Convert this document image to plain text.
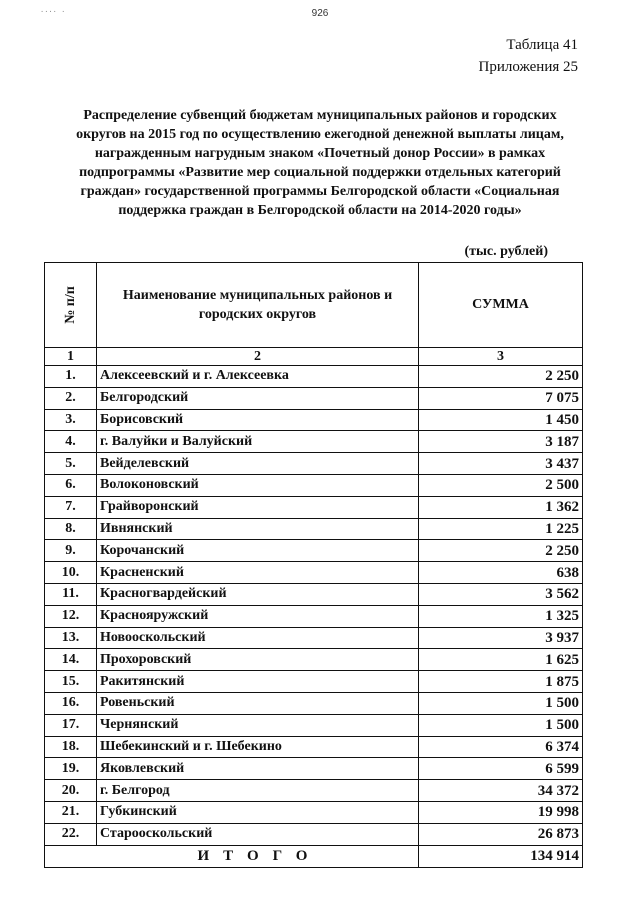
···· ·	926
Таблица 41
Приложения 25
Распределение субвенций бюджетам муниципальных районов и городских округов на 2015 год по осуществлению ежегодной денежной выплаты лицам, награжденным нагрудным знаком «Почетный донор России» в рамках подпрограммы «Развитие мер социальной поддержки отдельных категорий граждан» государственной программы Белгородской области «Социальная поддержка граждан в Белгородской области на 2014-2020 годы»
(тыс. рублей)
№ п/п	Наименование муниципальных районов и городских округов	СУММА
1	2	3
1.	Алексеевский и г. Алексеевка	2 250
2.	Белгородский	7 075
3.	Борисовский	1 450
4.	г. Валуйки и Валуйский	3 187
5.	Вейделевский	3 437
6.	Волоконовский	2 500
7.	Грайворонский	1 362
8.	Ивнянский	1 225
9.	Корочанский	2 250
10.	Красненский	638
11.	Красногвардейский	3 562
12.	Краснояружский	1 325
13.	Новооскольский	3 937
14.	Прохоровский	1 625
15.	Ракитянский	1 875
16.	Ровеньский	1 500
17.	Чернянский	1 500
18.	Шебекинский и г. Шебекино	6 374
19.	Яковлевский	6 599
20.	г. Белгород	34 372
21.	Губкинский	19 998
22.	Старооскольский	26 873
ИТОГО		134 914
